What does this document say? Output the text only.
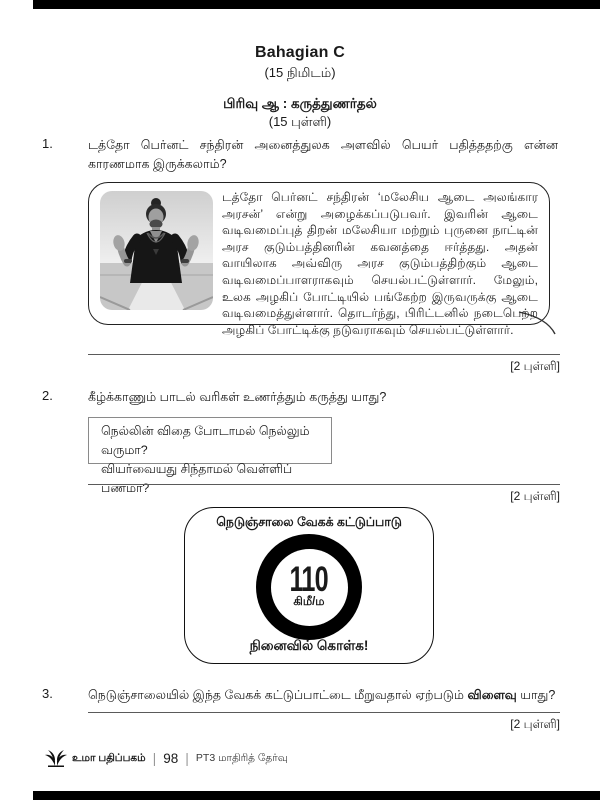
Bahagian C
(15 நிமிடம்)
பிரிவு ஆ : கருத்துணர்தல்
(15 புள்ளி)
1.	டத்தோ பெர்னட் சந்திரன் அனைத்துலக அளவில் பெயர் பதித்ததற்கு என்ன காரணமாக இருக்கலாம்?
டத்தோ பெர்னட் சந்திரன் ‘மலேசிய ஆடை அலங்கார அரசன்’ என்று அழைக்கப்படுபவர். இவரின் ஆடை வடிவமைப்புத் திறன் மலேசியா மற்றும் புருனை நாட்டின் அரச குடும்பத்தினரின் கவனத்தை ஈர்த்தது. அதன் வாயிலாக அவ்விரு அரச குடும்பத்திற்கும் ஆடை வடிவமைப்பாளராகவும் செயல்பட்டுள்ளார். மேலும், உலக அழகிப் போட்டியில் பங்கேற்ற இருவருக்கு ஆடை வடிவமைத்துள்ளார். தொடர்ந்து, பிரிட்டனில் நடைபெற்ற அழகிப் போட்டிக்கு நடுவராகவும் செயல்பட்டுள்ளார்.
[2 புள்ளி]
2.	கீழ்க்காணும் பாடல் வரிகள் உணர்த்தும் கருத்து யாது?
நெல்லின் விதை போடாமல் நெல்லும் வருமா?
வியர்வையது சிந்தாமல் வெள்ளிப் பணமா?
[2 புள்ளி]
நெடுஞ்சாலை வேகக் கட்டுப்பாடு
110
கிமீ/ம
நினைவில் கொள்க!
3.	நெடுஞ்சாலையில் இந்த வேகக் கட்டுப்பாட்டை மீறுவதால் ஏற்படும் விளைவு யாது?
[2 புள்ளி]
உமா பதிப்பகம் | 98 | PT3 மாதிரித் தேர்வு
